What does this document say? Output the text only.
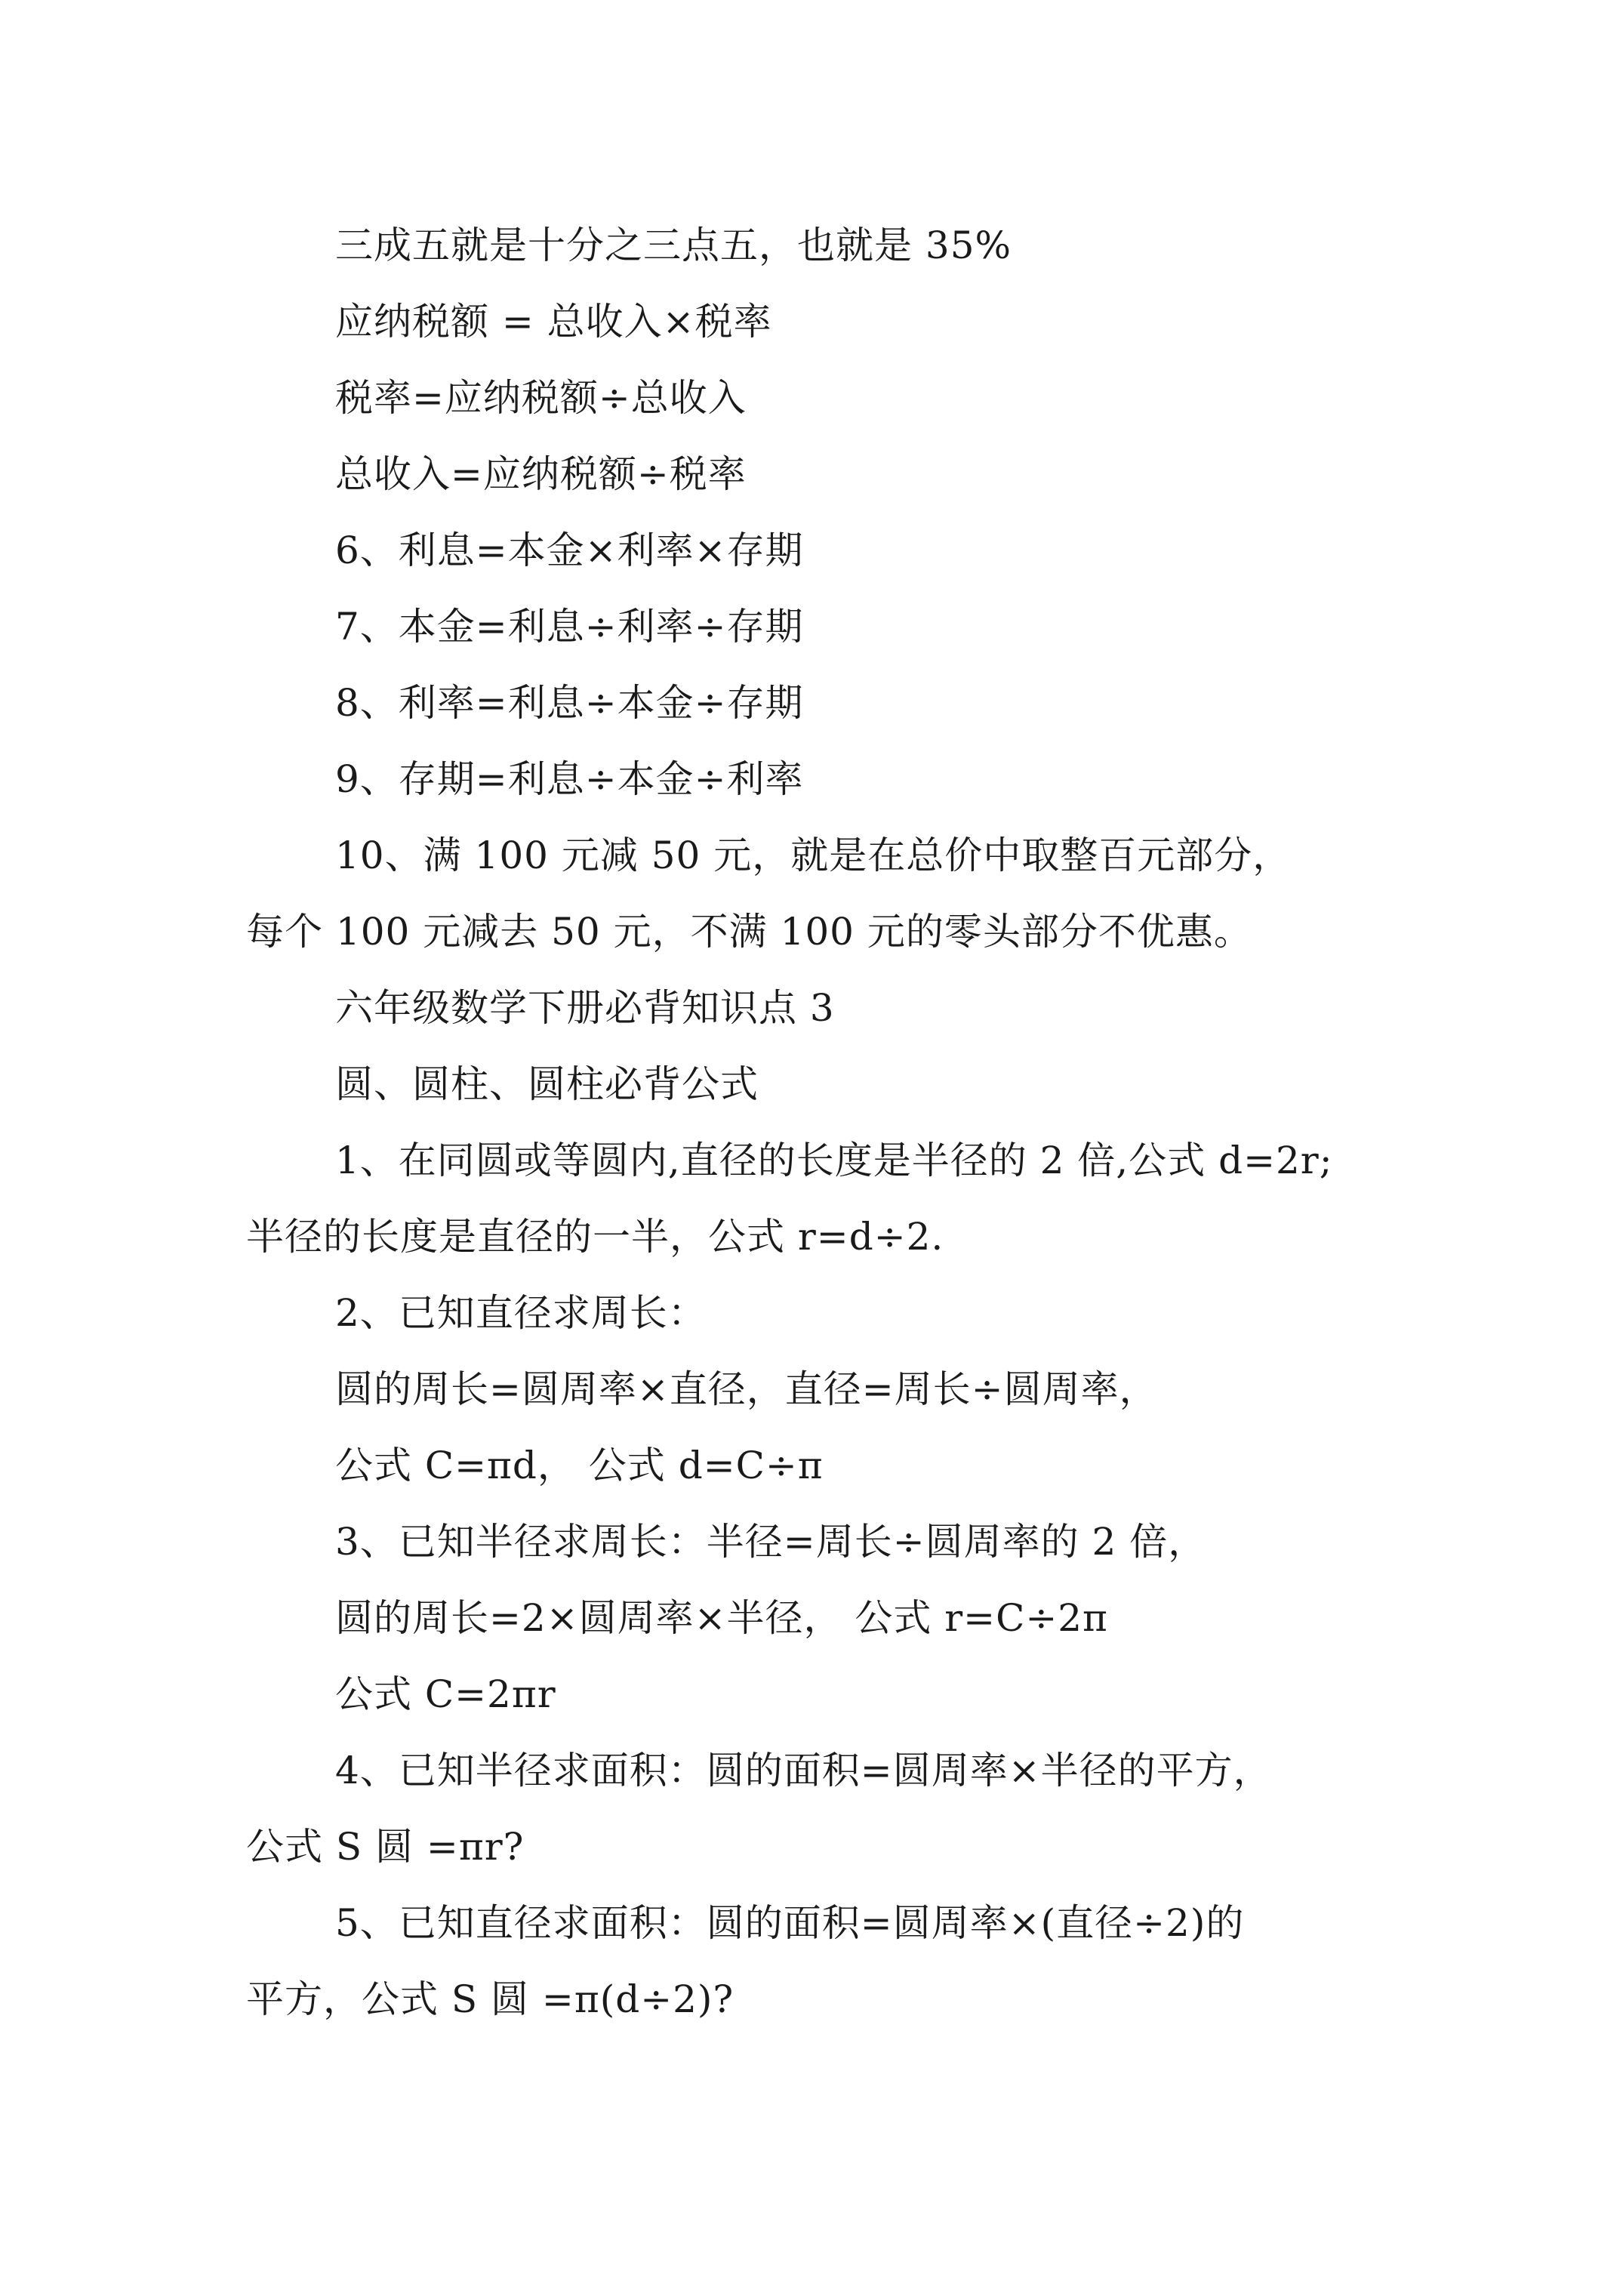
三成五就是十分之三点五，也就是 35%
应纳税额 = 总收入×税率
税率=应纳税额÷总收入
总收入=应纳税额÷税率
6、利息=本金×利率×存期
7、本金=利息÷利率÷存期
8、利率=利息÷本金÷存期
9、存期=利息÷本金÷利率
10、满 100 元减 50 元，就是在总价中取整百元部分，
每个 100 元减去 50 元，不满 100 元的零头部分不优惠。
六年级数学下册必背知识点 3
圆、圆柱、圆柱必背公式
1、在同圆或等圆内,直径的长度是半径的 2 倍,公式 d=2r;
半径的长度是直径的一半，公式 r=d÷2.
2、已知直径求周长：
圆的周长=圆周率×直径，直径=周长÷圆周率，
公式 C=πd， 公式 d=C÷π
3、已知半径求周长：半径=周长÷圆周率的 2 倍，
圆的周长=2×圆周率×半径， 公式 r=C÷2π
公式 C=2πr
4、已知半径求面积：圆的面积=圆周率×半径的平方，
公式 S 圆 =πr?
5、已知直径求面积：圆的面积=圆周率×(直径÷2)的
平方，公式 S 圆 =π(d÷2)?
